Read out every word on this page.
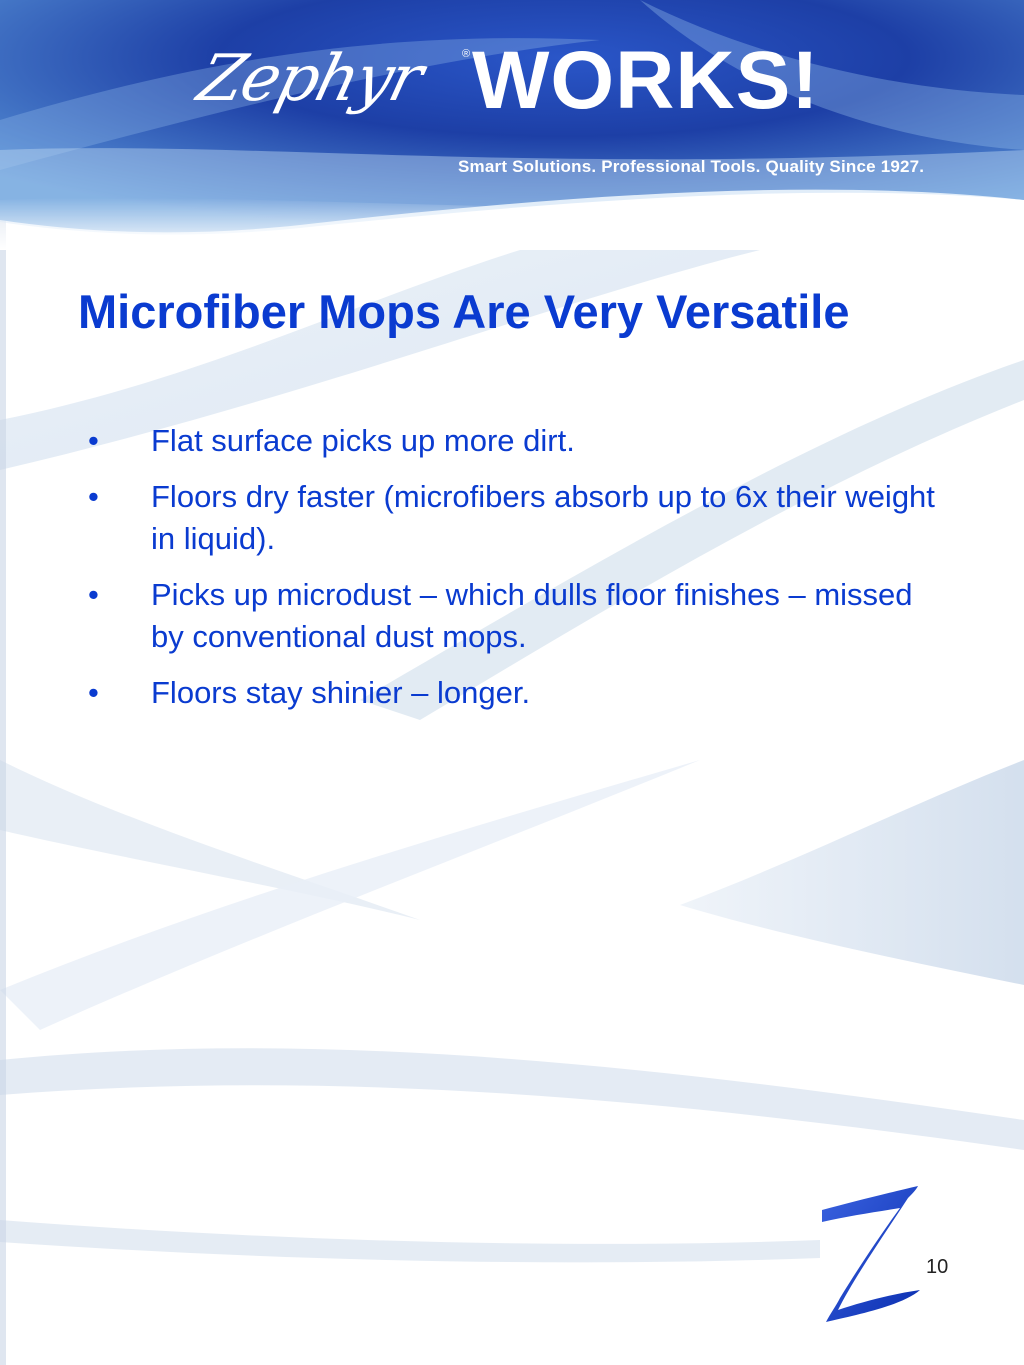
Zephyr	® WORKS!
Smart Solutions. Professional Tools. Quality Since 1927.
Microfiber Mops Are Very Versatile
•	Flat surface picks up more dirt.
•	Floors dry faster (microfibers absorb up to 6x their weight in liquid).
•	Picks up microdust – which dulls floor finishes – missed by conventional dust mops.
•	Floors stay shinier – longer.
10
